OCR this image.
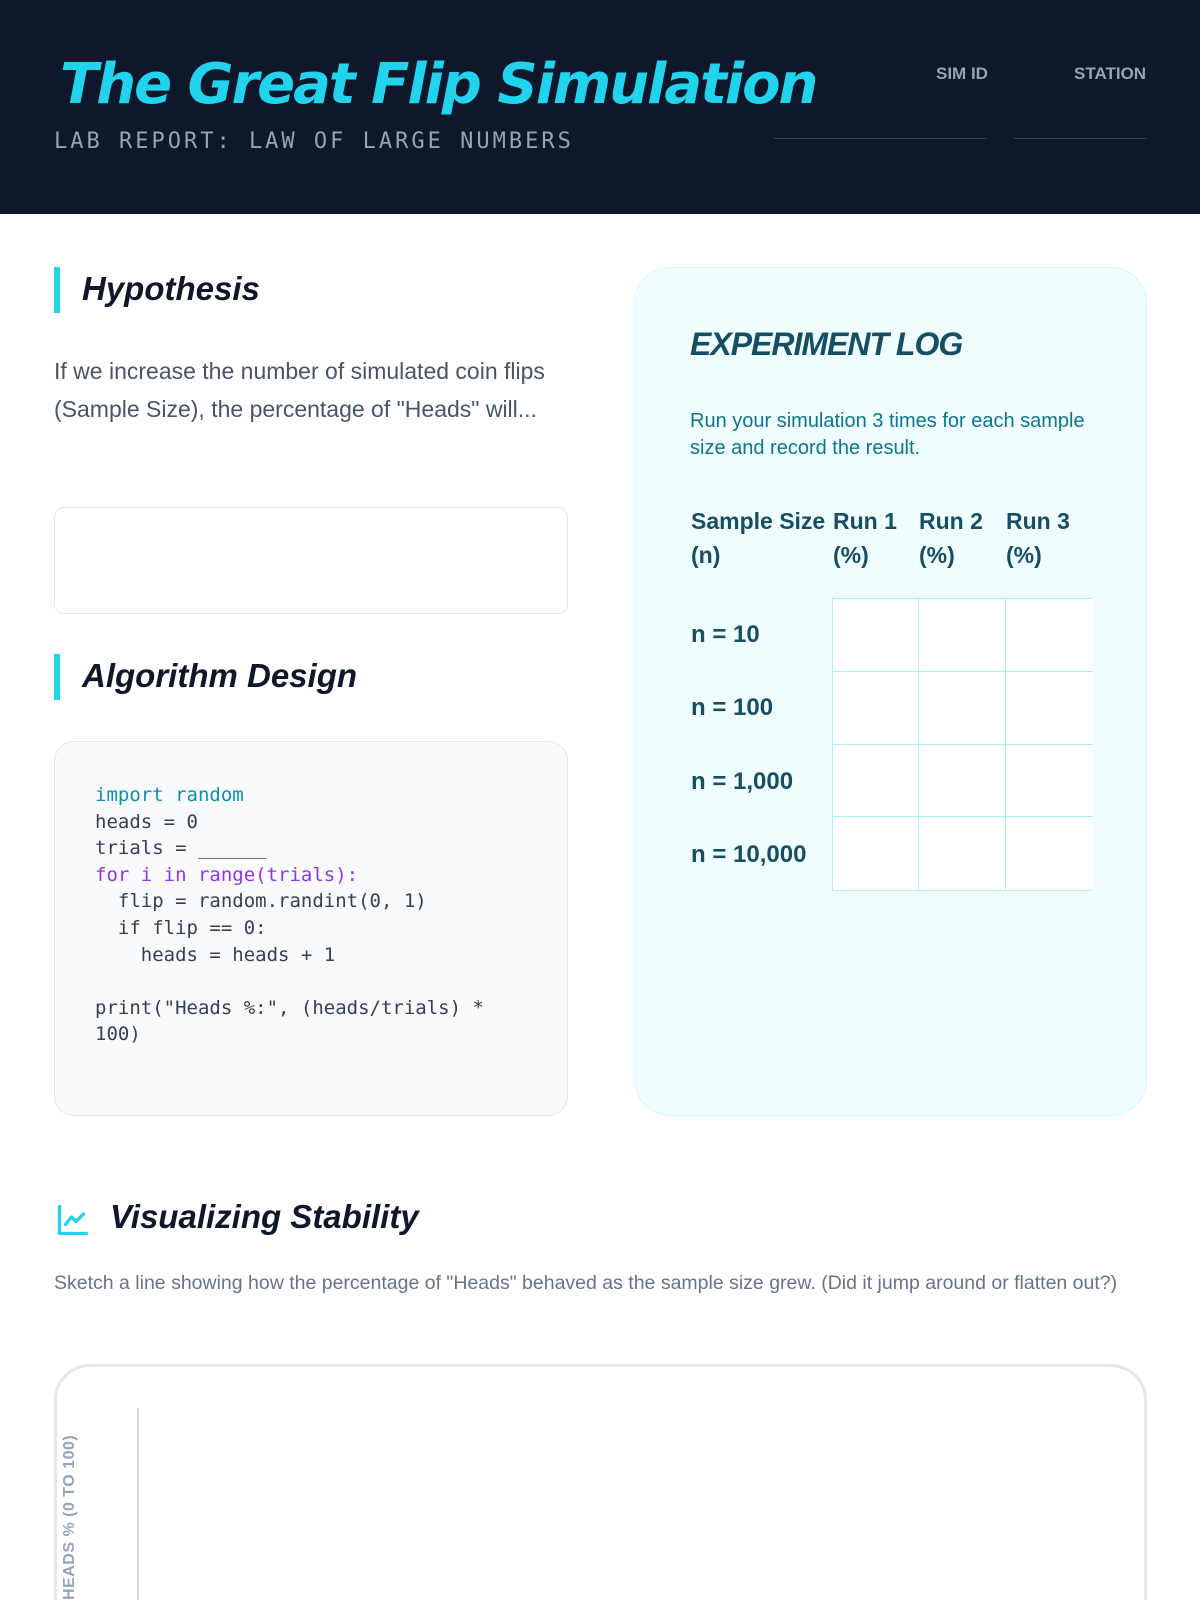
The Great Flip Simulation
LAB REPORT: LAW OF LARGE NUMBERS
SIM ID	STATION
Hypothesis
If we increase the number of simulated coin flips (Sample Size), the percentage of "Heads" will...
Algorithm Design
import random
heads = 0
trials = ______
for i in range(trials):
flip = random.randint(0, 1)
if flip == 0:
heads = heads + 1

print("Heads %:", (heads/trials) * 100)
EXPERIMENT LOG
Run your simulation 3 times for each sample size and record the result.
Sample Size (n)
Run 1 (%)
Run 2 (%)
Run 3 (%)
n = 10
n = 100
n = 1,000
n = 10,000
Visualizing Stability
Sketch a line showing how the percentage of "Heads" behaved as the sample size grew. (Did it jump around or flatten out?)
HEADS % (0 TO 100)
